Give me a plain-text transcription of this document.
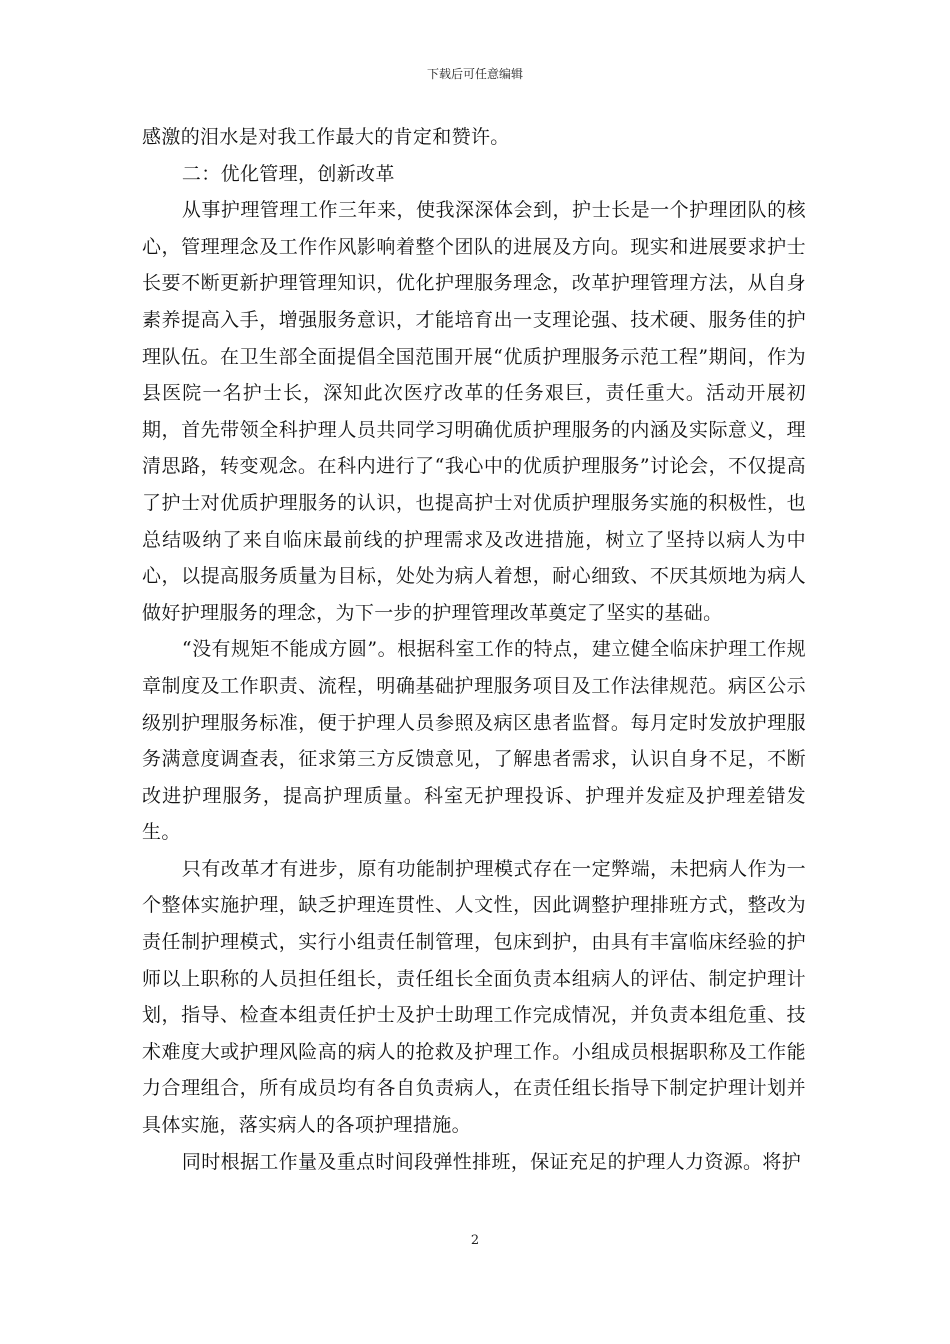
下载后可任意编辑

感激的泪水是对我工作最大的肯定和赞许。

二：优化管理，创新改革

从事护理管理工作三年来，使我深深体会到，护士长是一个护理团队的核心，管理理念及工作作风影响着整个团队的进展及方向。现实和进展要求护士长要不断更新护理管理知识，优化护理服务理念，改革护理管理方法，从自身素养提高入手，增强服务意识，才能培育出一支理论强、技术硬、服务佳的护理队伍。在卫生部全面提倡全国范围开展“优质护理服务示范工程”期间，作为县医院一名护士长，深知此次医疗改革的任务艰巨，责任重大。活动开展初期，首先带领全科护理人员共同学习明确优质护理服务的内涵及实际意义，理清思路，转变观念。在科内进行了“我心中的优质护理服务”讨论会，不仅提高了护士对优质护理服务的认识，也提高护士对优质护理服务实施的积极性，也总结吸纳了来自临床最前线的护理需求及改进措施，树立了坚持以病人为中心，以提高服务质量为目标，处处为病人着想，耐心细致、不厌其烦地为病人做好护理服务的理念，为下一步的护理管理改革奠定了坚实的基础。

“没有规矩不能成方圆”。根据科室工作的特点，建立健全临床护理工作规章制度及工作职责、流程，明确基础护理服务项目及工作法律规范。病区公示级别护理服务标准，便于护理人员参照及病区患者监督。每月定时发放护理服务满意度调查表，征求第三方反馈意见，了解患者需求，认识自身不足，不断改进护理服务，提高护理质量。科室无护理投诉、护理并发症及护理差错发生。

只有改革才有进步，原有功能制护理模式存在一定弊端，未把病人作为一个整体实施护理，缺乏护理连贯性、人文性，因此调整护理排班方式，整改为责任制护理模式，实行小组责任制管理，包床到护，由具有丰富临床经验的护师以上职称的人员担任组长，责任组长全面负责本组病人的评估、制定护理计划，指导、检查本组责任护士及护士助理工作完成情况，并负责本组危重、技术难度大或护理风险高的病人的抢救及护理工作。小组成员根据职称及工作能力合理组合，所有成员均有各自负责病人，在责任组长指导下制定护理计划并具体实施，落实病人的各项护理措施。

同时根据工作量及重点时间段弹性排班，保证充足的护理人力资源。将护

2
